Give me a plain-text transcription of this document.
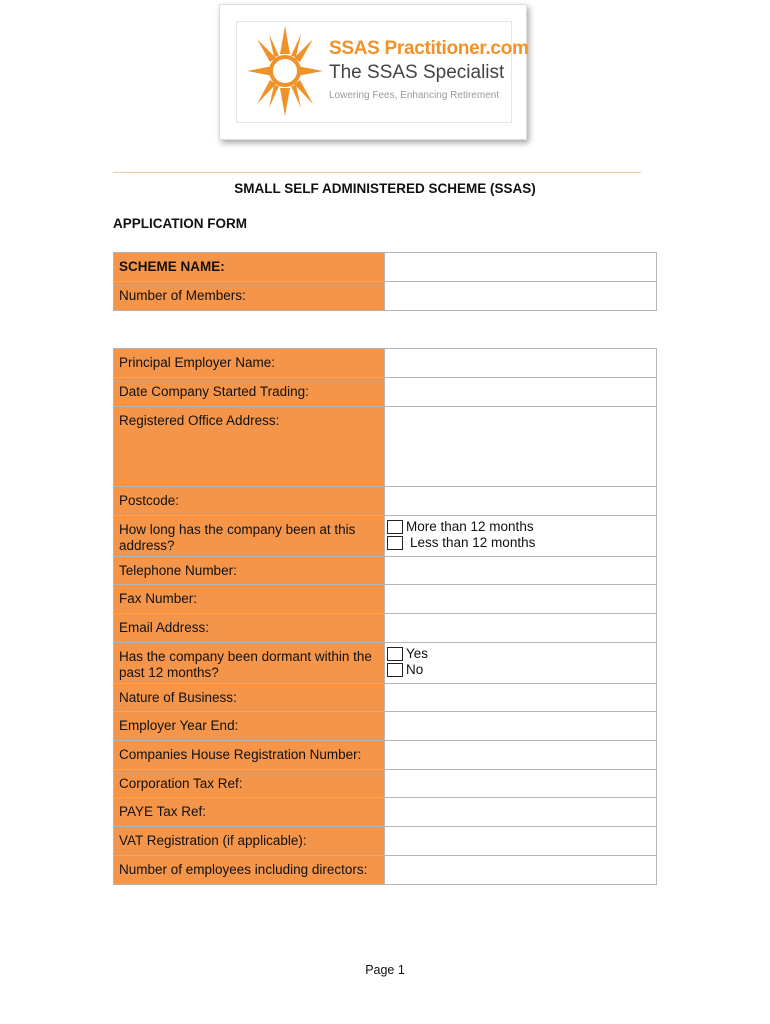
SSAS Practitioner.com
The SSAS Specialist
Lowering Fees, Enhancing Retirement
SMALL SELF ADMINISTERED SCHEME (SSAS)
APPLICATION FORM
SCHEME NAME:	
Number of Members:	
Principal Employer Name:	
Date Company Started Trading:	
Registered Office Address:	
Postcode:	
How long has the company been at this address?	More than 12 months
Less than 12 months

Telephone Number:	
Fax Number:	
Email Address:	
Has the company been dormant within the past 12 months?	Yes
No

Nature of Business:	
Employer Year End:	
Companies House Registration Number:	
Corporation Tax Ref:	
PAYE Tax Ref:	
VAT Registration (if applicable):	
Number of employees including directors:	
Page 1
